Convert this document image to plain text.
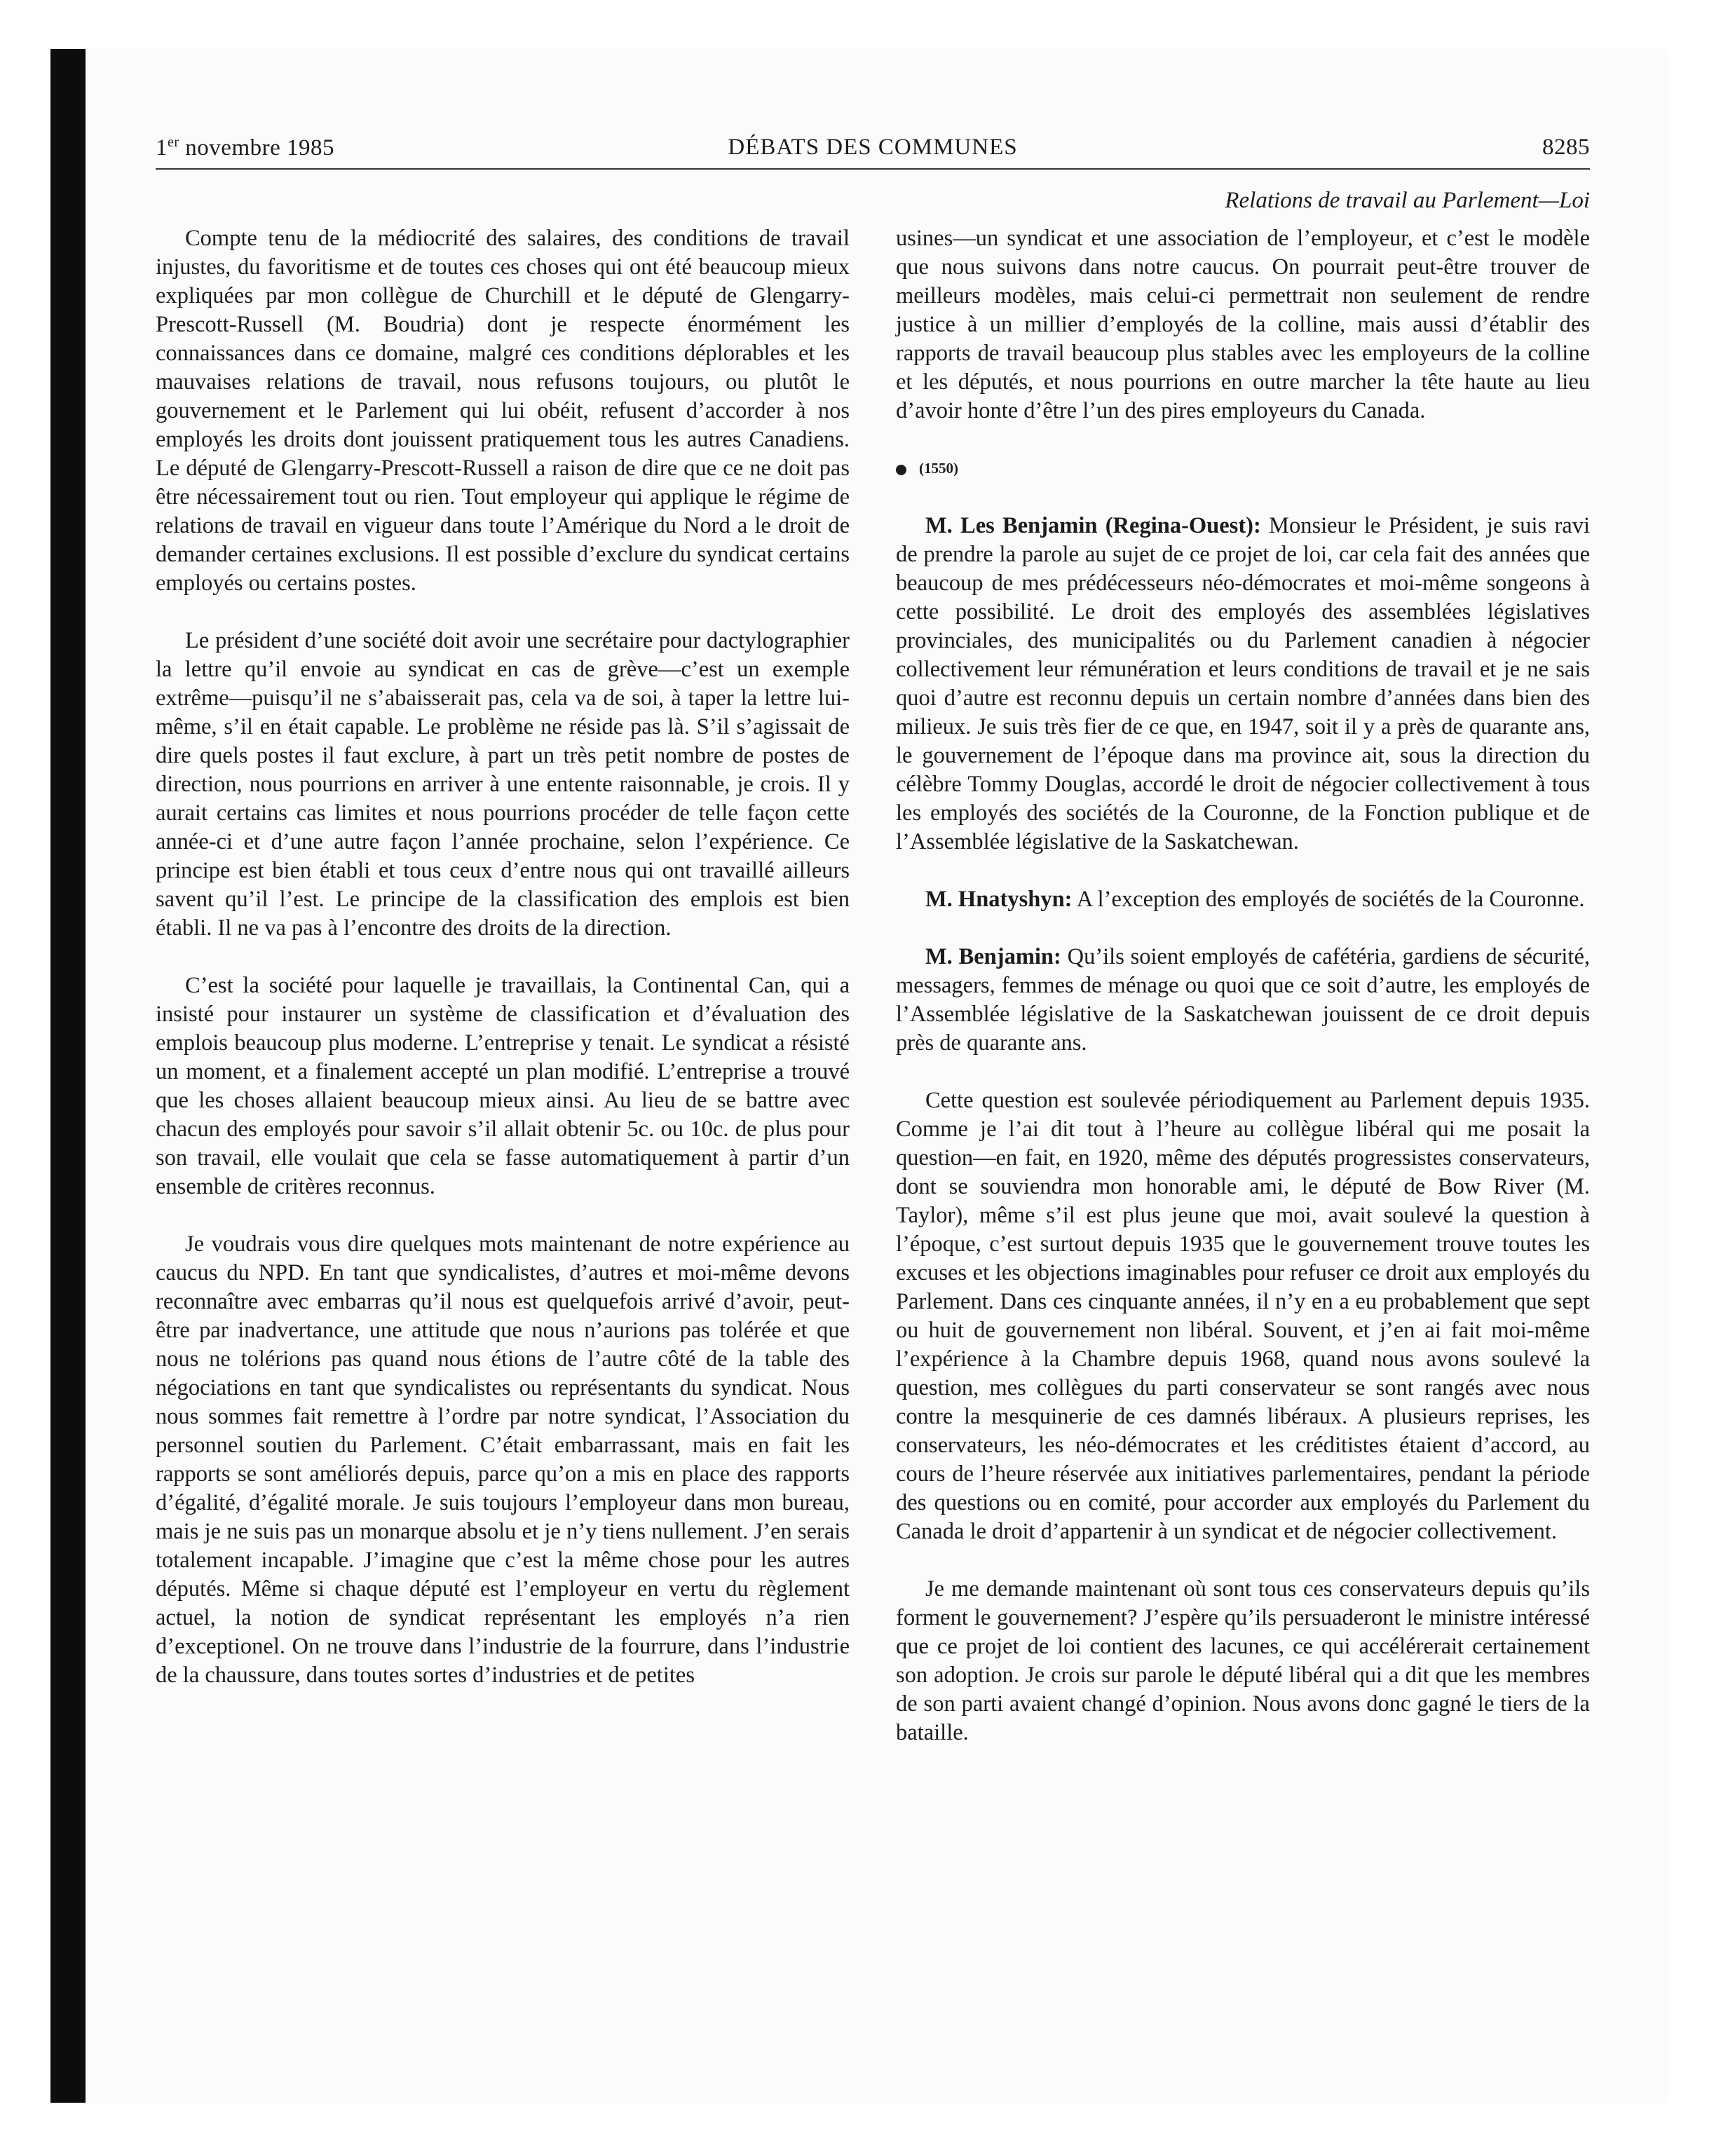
1er novembre 1985	DÉBATS DES COMMUNES	8285
Relations de travail au Parlement—Loi

Compte tenu de la médiocrité des salaires, des conditions de travail injustes, du favoritisme et de toutes ces choses qui ont été beaucoup mieux expliquées par mon collègue de Churchill et le député de Glengarry-Prescott-Russell (M. Boudria) dont je respecte énormément les connaissances dans ce domaine, malgré ces conditions déplorables et les mauvaises relations de travail, nous refusons toujours, ou plutôt le gouvernement et le Parlement qui lui obéit, refusent d’accorder à nos employés les droits dont jouissent pratiquement tous les autres Canadiens. Le député de Glengarry-Prescott-Russell a raison de dire que ce ne doit pas être nécessairement tout ou rien. Tout employeur qui applique le régime de relations de travail en vigueur dans toute l’Amérique du Nord a le droit de demander certaines exclusions. Il est possible d’exclure du syndicat certains employés ou certains postes.

Le président d’une société doit avoir une secrétaire pour dactylographier la lettre qu’il envoie au syndicat en cas de grève—c’est un exemple extrême—puisqu’il ne s’abaisserait pas, cela va de soi, à taper la lettre lui-même, s’il en était capable. Le problème ne réside pas là. S’il s’agissait de dire quels postes il faut exclure, à part un très petit nombre de postes de direction, nous pourrions en arriver à une entente raisonnable, je crois. Il y aurait certains cas limites et nous pourrions procéder de telle façon cette année-ci et d’une autre façon l’année prochaine, selon l’expérience. Ce principe est bien établi et tous ceux d’entre nous qui ont travaillé ailleurs savent qu’il l’est. Le principe de la classification des emplois est bien établi. Il ne va pas à l’encontre des droits de la direction.

C’est la société pour laquelle je travaillais, la Continental Can, qui a insisté pour instaurer un système de classification et d’évaluation des emplois beaucoup plus moderne. L’entreprise y tenait. Le syndicat a résisté un moment, et a finalement accepté un plan modifié. L’entreprise a trouvé que les choses allaient beaucoup mieux ainsi. Au lieu de se battre avec chacun des employés pour savoir s’il allait obtenir 5c. ou 10c. de plus pour son travail, elle voulait que cela se fasse automatiquement à partir d’un ensemble de critères reconnus.

Je voudrais vous dire quelques mots maintenant de notre expérience au caucus du NPD. En tant que syndicalistes, d’autres et moi-même devons reconnaître avec embarras qu’il nous est quelquefois arrivé d’avoir, peut-être par inadvertance, une attitude que nous n’aurions pas tolérée et que nous ne tolérions pas quand nous étions de l’autre côté de la table des négociations en tant que syndicalistes ou représentants du syndicat. Nous nous sommes fait remettre à l’ordre par notre syndicat, l’Association du personnel soutien du Parlement. C’était embarrassant, mais en fait les rapports se sont améliorés depuis, parce qu’on a mis en place des rapports d’égalité, d’égalité morale. Je suis toujours l’employeur dans mon bureau, mais je ne suis pas un monarque absolu et je n’y tiens nullement. J’en serais totalement incapable. J’imagine que c’est la même chose pour les autres députés. Même si chaque député est l’employeur en vertu du règlement actuel, la notion de syndicat représentant les employés n’a rien d’exceptionel. On ne trouve dans l’industrie de la fourrure, dans l’industrie de la chaussure, dans toutes sortes d’industries et de petites

usines—un syndicat et une association de l’employeur, et c’est le modèle que nous suivons dans notre caucus. On pourrait peut-être trouver de meilleurs modèles, mais celui-ci permettrait non seulement de rendre justice à un millier d’employés de la colline, mais aussi d’établir des rapports de travail beaucoup plus stables avec les employeurs de la colline et les députés, et nous pourrions en outre marcher la tête haute au lieu d’avoir honte d’être l’un des pires employeurs du Canada.

(1550)

M. Les Benjamin (Regina-Ouest): Monsieur le Président, je suis ravi de prendre la parole au sujet de ce projet de loi, car cela fait des années que beaucoup de mes prédécesseurs néo-démocrates et moi-même songeons à cette possibilité. Le droit des employés des assemblées législatives provinciales, des municipalités ou du Parlement canadien à négocier collectivement leur rémunération et leurs conditions de travail et je ne sais quoi d’autre est reconnu depuis un certain nombre d’années dans bien des milieux. Je suis très fier de ce que, en 1947, soit il y a près de quarante ans, le gouvernement de l’époque dans ma province ait, sous la direction du célèbre Tommy Douglas, accordé le droit de négocier collectivement à tous les employés des sociétés de la Couronne, de la Fonction publique et de l’Assemblée législative de la Saskatchewan.

M. Hnatyshyn: A l’exception des employés de sociétés de la Couronne.

M. Benjamin: Qu’ils soient employés de cafétéria, gardiens de sécurité, messagers, femmes de ménage ou quoi que ce soit d’autre, les employés de l’Assemblée législative de la Saskatchewan jouissent de ce droit depuis près de quarante ans.

Cette question est soulevée périodiquement au Parlement depuis 1935. Comme je l’ai dit tout à l’heure au collègue libéral qui me posait la question—en fait, en 1920, même des députés progressistes conservateurs, dont se souviendra mon honorable ami, le député de Bow River (M. Taylor), même s’il est plus jeune que moi, avait soulevé la question à l’époque, c’est surtout depuis 1935 que le gouvernement trouve toutes les excuses et les objections imaginables pour refuser ce droit aux employés du Parlement. Dans ces cinquante années, il n’y en a eu probablement que sept ou huit de gouvernement non libéral. Souvent, et j’en ai fait moi-même l’expérience à la Chambre depuis 1968, quand nous avons soulevé la question, mes collègues du parti conservateur se sont rangés avec nous contre la mesquinerie de ces damnés libéraux. A plusieurs reprises, les conservateurs, les néo-démocrates et les créditistes étaient d’accord, au cours de l’heure réservée aux initiatives parlementaires, pendant la période des questions ou en comité, pour accorder aux employés du Parlement du Canada le droit d’appartenir à un syndicat et de négocier collectivement.

Je me demande maintenant où sont tous ces conservateurs depuis qu’ils forment le gouvernement? J’espère qu’ils persuaderont le ministre intéressé que ce projet de loi contient des lacunes, ce qui accélérerait certainement son adoption. Je crois sur parole le député libéral qui a dit que les membres de son parti avaient changé d’opinion. Nous avons donc gagné le tiers de la bataille.
